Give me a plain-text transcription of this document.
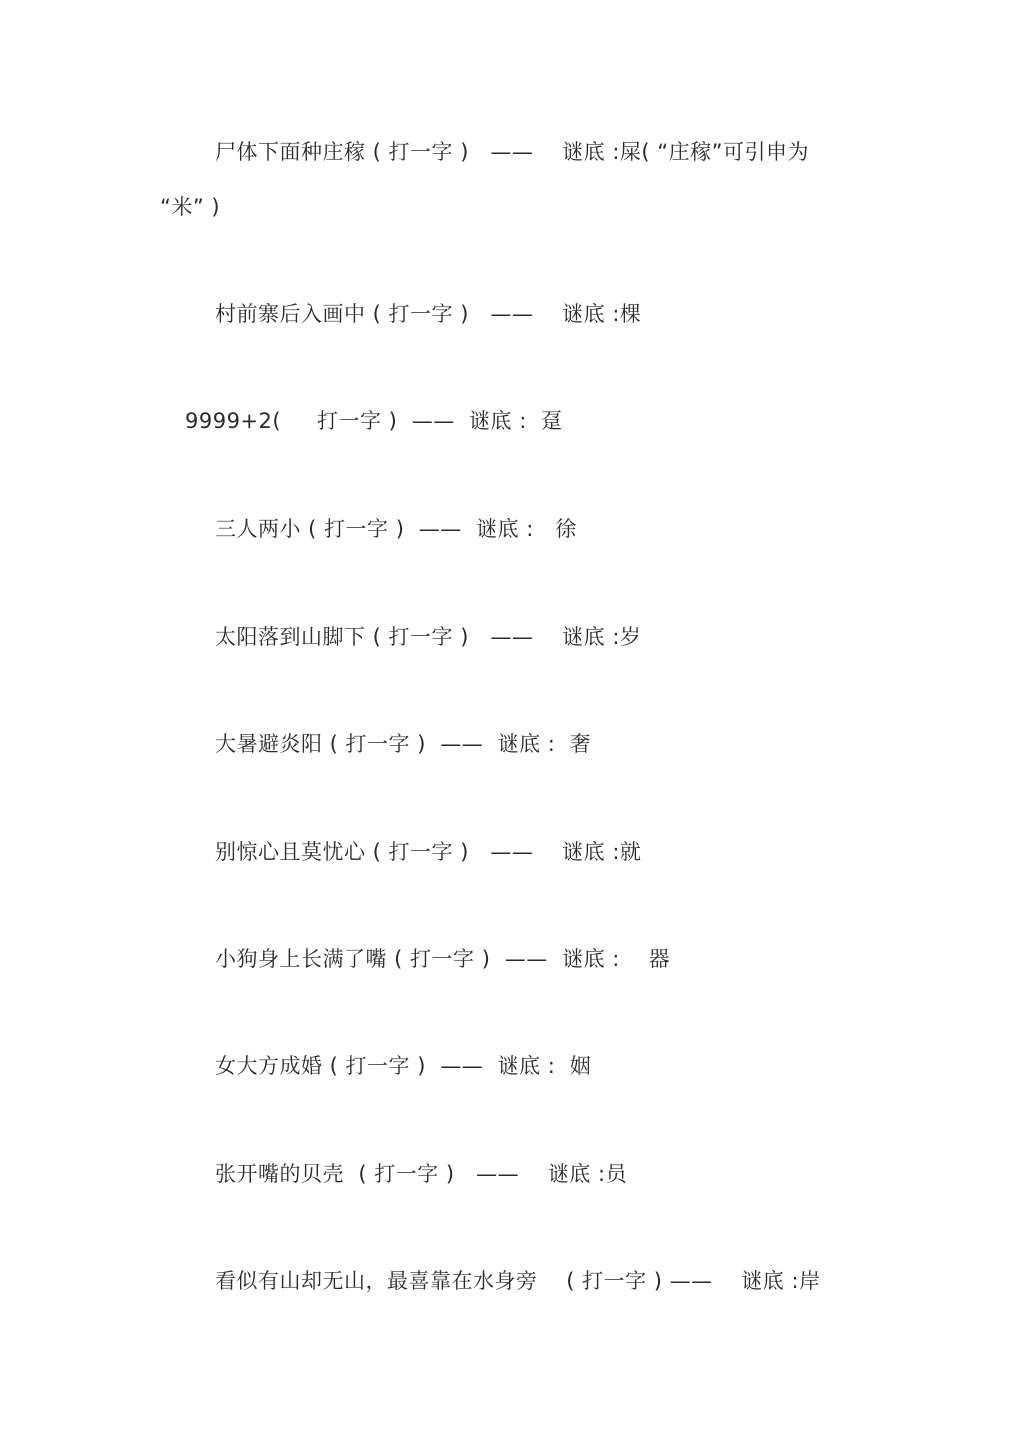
尸体下面种庄稼 ( 打一字 )   ——    谜底 :屎( “庄稼”可引申为
“米” )
村前寨后入画中 ( 打一字 )   ——    谜底 :棵
9999+2(     打一字 )  ——  谜底 :  趸
三人两小 ( 打一字 )  ——  谜底 :   徐
太阳落到山脚下 ( 打一字 )   ——    谜底 :岁
大暑避炎阳 ( 打一字 )  ——  谜底 :  奢
别惊心且莫忧心 ( 打一字 )   ——    谜底 :就
小狗身上长满了嘴 ( 打一字 )  ——  谜底 :    器
女大方成婚 ( 打一字 )  ——  谜底 :  姻
张开嘴的贝壳  ( 打一字 )   ——    谜底 :员
看似有山却无山，最喜靠在水身旁    ( 打一字 ) ——    谜底 :岸
